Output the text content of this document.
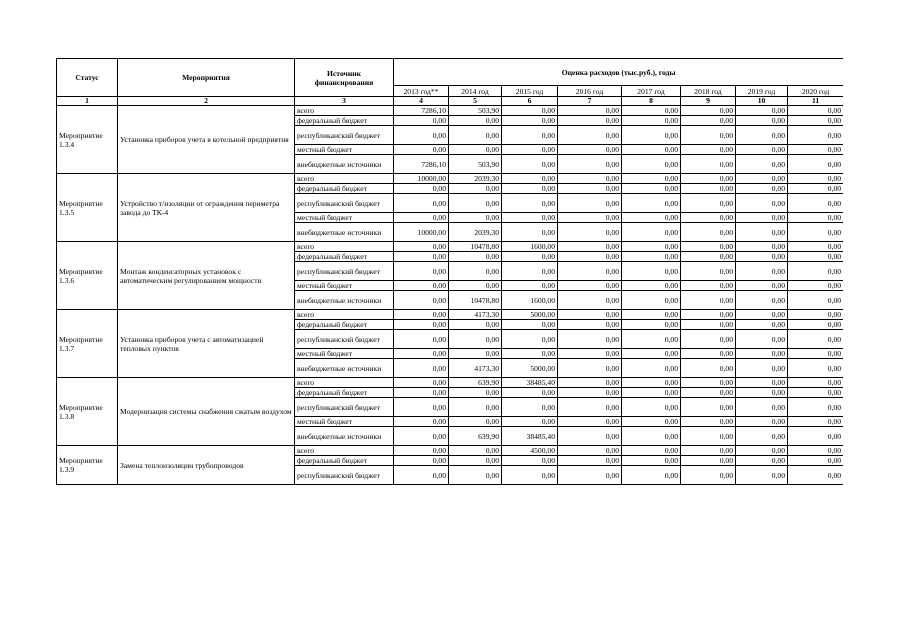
Статус	Мероприятия	Источник финансирования	Оценка расходов (тыс.руб.), годы							
			2013 год**	2014 год	2015 год	2016 год	2017 год	2018 год	2019 год	2020 год
1	2	3	4	5	6	7	8	9	10	11
Мероприятие 1.3.4	Установка приборов учета в котельной предприятия	всего	7286,10	503,90	0,00	0,00	0,00	0,00	0,00	0,00
		федеральный бюджет	0,00	0,00	0,00	0,00	0,00	0,00	0,00	0,00
		республиканский бюджет	0,00	0,00	0,00	0,00	0,00	0,00	0,00	0,00
		местный бюджет	0,00	0,00	0,00	0,00	0,00	0,00	0,00	0,00
		внебюджетные источники	7286,10	503,90	0,00	0,00	0,00	0,00	0,00	0,00
Мероприятие 1.3.5	Устройство т/изоляции от ограждения периметра завода до ТК-4	всего	10000,00	2039,30	0,00	0,00	0,00	0,00	0,00	0,00
		федеральный бюджет	0,00	0,00	0,00	0,00	0,00	0,00	0,00	0,00
		республиканский бюджет	0,00	0,00	0,00	0,00	0,00	0,00	0,00	0,00
		местный бюджет	0,00	0,00	0,00	0,00	0,00	0,00	0,00	0,00
		внебюджетные источники	10000,00	2039,30	0,00	0,00	0,00	0,00	0,00	0,00
Мероприятие 1.3.6	Монтаж конденсаторных установок с автоматическим регулированием мощности	всего	0,00	10478,80	1600,00	0,00	0,00	0,00	0,00	0,00
		федеральный бюджет	0,00	0,00	0,00	0,00	0,00	0,00	0,00	0,00
		республиканский бюджет	0,00	0,00	0,00	0,00	0,00	0,00	0,00	0,00
		местный бюджет	0,00	0,00	0,00	0,00	0,00	0,00	0,00	0,00
		внебюджетные источники	0,00	10478,80	1600,00	0,00	0,00	0,00	0,00	0,00
Мероприятие 1.3.7	Установка приборов учета с автоматизацией тепловых пунктов	всего	0,00	4173,30	5000,00	0,00	0,00	0,00	0,00	0,00
		федеральный бюджет	0,00	0,00	0,00	0,00	0,00	0,00	0,00	0,00
		республиканский бюджет	0,00	0,00	0,00	0,00	0,00	0,00	0,00	0,00
		местный бюджет	0,00	0,00	0,00	0,00	0,00	0,00	0,00	0,00
		внебюджетные источники	0,00	4173,30	5000,00	0,00	0,00	0,00	0,00	0,00
Мероприятие 1.3.8	Модернизация системы снабжения сжатым воздухом	всего	0,00	639,90	38485,40	0,00	0,00	0,00	0,00	0,00
		федеральный бюджет	0,00	0,00	0,00	0,00	0,00	0,00	0,00	0,00
		республиканский бюджет	0,00	0,00	0,00	0,00	0,00	0,00	0,00	0,00
		местный бюджет	0,00	0,00	0,00	0,00	0,00	0,00	0,00	0,00
		внебюджетные источники	0,00	639,90	38485,40	0,00	0,00	0,00	0,00	0,00
Мероприятие 1.3.9	Замена теплоизоляции трубопроводов	всего	0,00	0,00	4500,00	0,00	0,00	0,00	0,00	0,00
		федеральный бюджет	0,00	0,00	0,00	0,00	0,00	0,00	0,00	0,00
		республиканский бюджет	0,00	0,00	0,00	0,00	0,00	0,00	0,00	0,00
